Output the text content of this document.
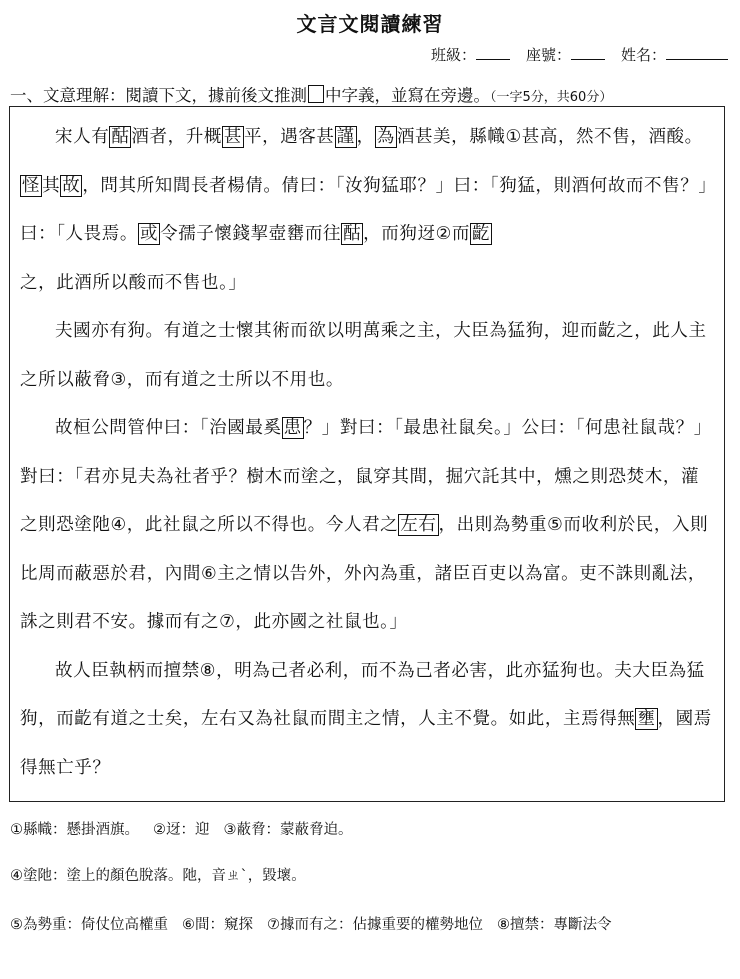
文言文閱讀練習
班級：	座號：	姓名：
一、文意理解：閱讀下文，據前後文推測 中字義，並寫在旁邊。（一字5分，共60分）

宋人有 酤 酒者，升概 甚 平，遇客甚 謹 ， 為 酒甚美，縣幟①甚高，然不售，酒酸。怪 其 故 ，問其所知閭長者楊倩。倩曰：「汝狗猛耶？」曰：「狗猛，則酒何故而不售？」曰：「人畏焉。 或 令孺子懷錢挈壺罋而往 酤 ，而狗迓②而 齕之，此酒所以酸而不售也。」

夫國亦有狗。有道之士懷其術而欲以明萬乘之主，大臣為猛狗，迎而齕之，此人主之所以蔽脅③，而有道之士所以不用也。

故桓公問管仲曰：「治國最奚 患 ？」對曰：「最患社鼠矣。」公曰：「何患社鼠哉？」對曰：「君亦見夫為社者乎？樹木而塗之，鼠穿其間，掘穴託其中，燻之則恐焚木，灌之則恐塗阤④，此社鼠之所以不得也。今人君之 左右 ，出則為勢重⑤而收利於民，入則比周而蔽惡於君，內間⑥主之情以告外，外內為重，諸臣百吏以為富。吏不誅則亂法，誅之則君不安。據而有之⑦，此亦國之社鼠也。」

故人臣執柄而擅禁⑧，明為己者必利，而不為己者必害，此亦猛狗也。夫大臣為猛狗，而齕有道之士矣，左右又為社鼠而間主之情，人主不覺。如此，主焉得無 壅 ，國焉得無亡乎？

①縣幟：懸掛酒旗。 ②迓：迎 ③蔽脅：蒙蔽脅迫。
④塗阤：塗上的顏色脫落。阤，音ㄓˋ，毀壞。
⑤為勢重：倚仗位高權重 ⑥間：窺探 ⑦據而有之：佔據重要的權勢地位 ⑧擅禁：專斷法令
